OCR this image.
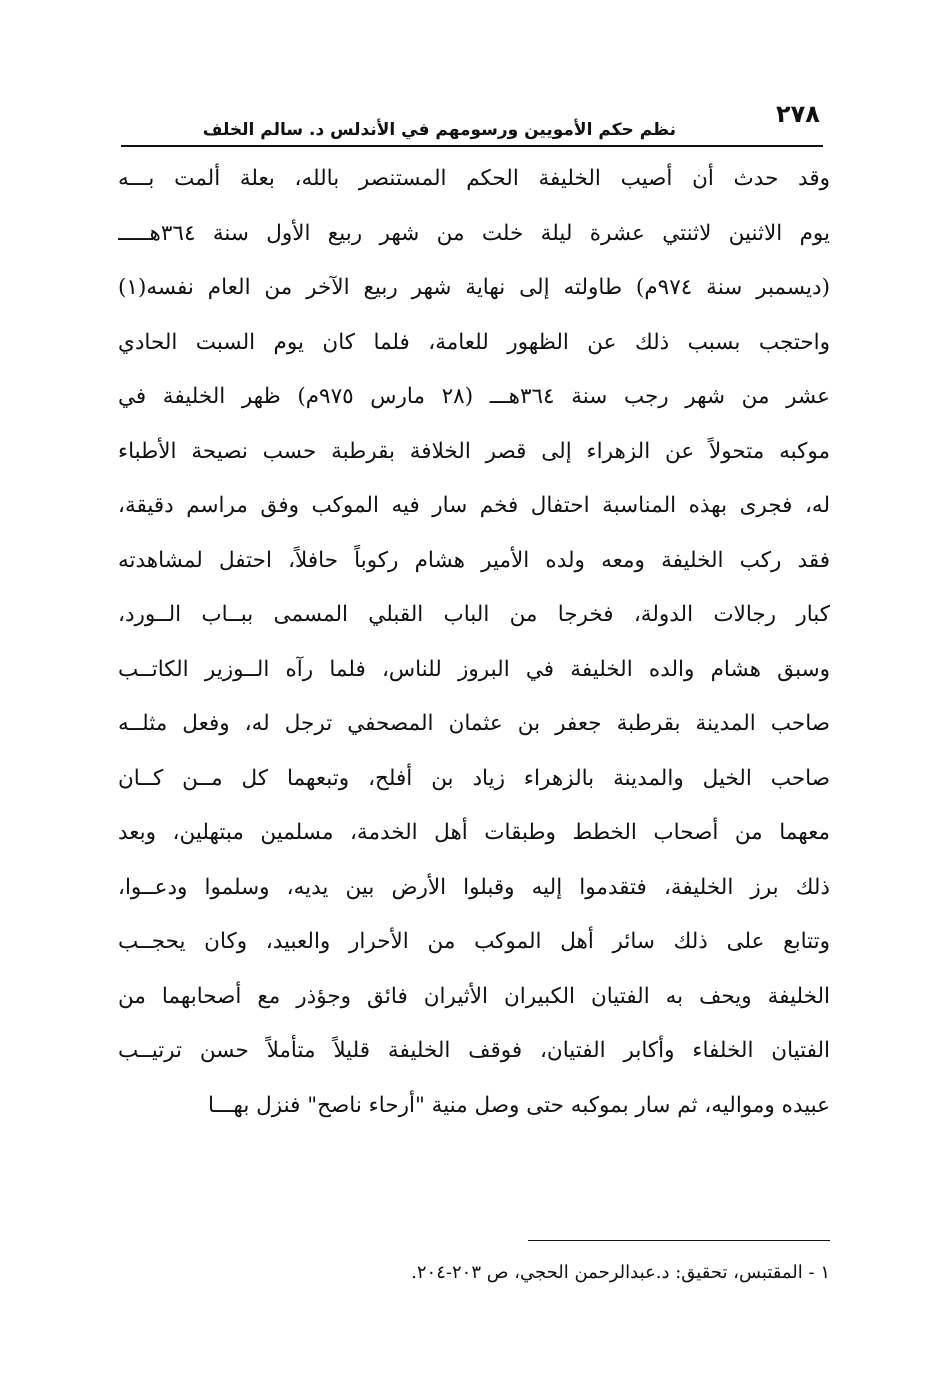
٢٧٨
نظم حكم الأمويين ورسومهم في الأندلس د. سالم الخلف
وقد حدث أن أصيب الخليفة الحكم المستنصر بالله، بعلة ألمت بـــه
يوم الاثنين لاثنتي عشرة ليلة خلت من شهر ربيع الأول سنة ٣٦٤هـــــ
(ديسمبر سنة ٩٧٤م) طاولته إلى نهاية شهر ربيع الآخر من العام نفسه(١)
واحتجب بسبب ذلك عن الظهور للعامة، فلما كان يوم السبت الحادي
عشر من شهر رجب سنة ٣٦٤هـــ (٢٨ مارس ٩٧٥م) ظهر الخليفة في
موكبه متحولاً عن الزهراء إلى قصر الخلافة بقرطبة حسب نصيحة الأطباء
له، فجرى بهذه المناسبة احتفال فخم سار فيه الموكب وفق مراسم دقيقة،
فقد ركب الخليفة ومعه ولده الأمير هشام ركوباً حافلاً، احتفل لمشاهدته
كبار رجالات الدولة، فخرجا من الباب القبلي المسمى ببــاب الــورد،
وسبق هشام والده الخليفة في البروز للناس، فلما رآه الــوزير الكاتــب
صاحب المدينة بقرطبة جعفر بن عثمان المصحفي ترجل له، وفعل مثلــه
صاحب الخيل والمدينة بالزهراء زياد بن أفلح، وتبعهما كل مــن كــان
معهما من أصحاب الخطط وطبقات أهل الخدمة، مسلمين مبتهلين، وبعد
ذلك برز الخليفة، فتقدموا إليه وقبلوا الأرض بين يديه، وسلموا ودعــوا،
وتتابع على ذلك سائر أهل الموكب من الأحرار والعبيد، وكان يحجــب
الخليفة ويحف به الفتيان الكبيران الأثيران فائق وجؤذر مع أصحابهما من
الفتيان الخلفاء وأكابر الفتيان، فوقف الخليفة قليلاً متأملاً حسن ترتيــب
عبيده ومواليه، ثم سار بموكبه حتى وصل منية "أرحاء ناصح" فنزل بهـــا
١ - المقتبس، تحقيق: د.عبدالرحمن الحجي، ص ٢٠٣-٢٠٤.
